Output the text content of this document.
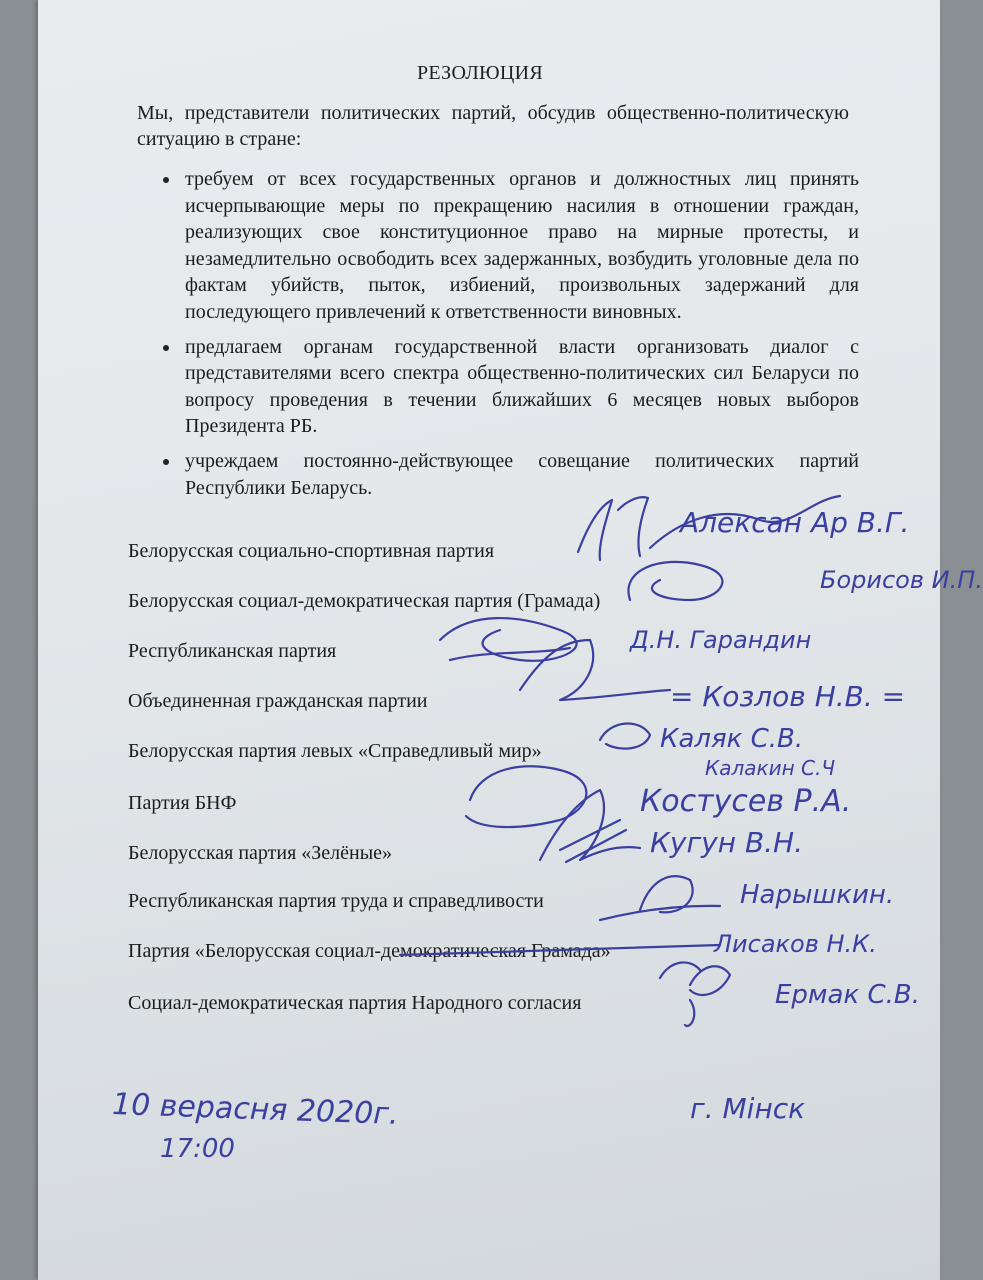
РЕЗОЛЮЦИЯ
Мы, представители политических партий, обсудив общественно-политическую ситуацию в стране:
требуем от всех государственных органов и должностных лиц принять исчерпывающие меры по прекращению насилия в отношении граждан, реализующих свое конституционное право на мирные протесты, и незамедлительно освободить всех задержанных, возбудить уголовные дела по фактам убийств, пыток, избиений, произвольных задержаний для последующего привлечений к ответственности виновных.
предлагаем органам государственной власти организовать диалог с представителями всего спектра общественно-политических сил Беларуси по вопросу проведения в течении ближайших 6 месяцев новых выборов Президента РБ.
учреждаем постоянно-действующее совещание политических партий Республики Беларусь.
Белорусская социально-спортивная партия
Белорусская социал-демократическая партия (Грамада)
Республиканская партия
Объединенная гражданская партии
Белорусская партия левых «Справедливый мир»
Партия БНФ
Белорусская партия «Зелёные»
Республиканская партия труда и справедливости
Партия «Белорусская социал-демократическая Грамада»
Социал-демократическая партия Народного согласия
Алексан Ар В.Г.
Борисов И.П.
Д.Н. Гарандин
= Козлов Н.В. =
Каляк С.В.
Калакин С.Ч
Костусев Р.А.
Кугун В.Н.
Нарышкин.
Лисаков Н.К.
Ермак С.В.
10 верасня 2020г.
17:00
г. Мінск
